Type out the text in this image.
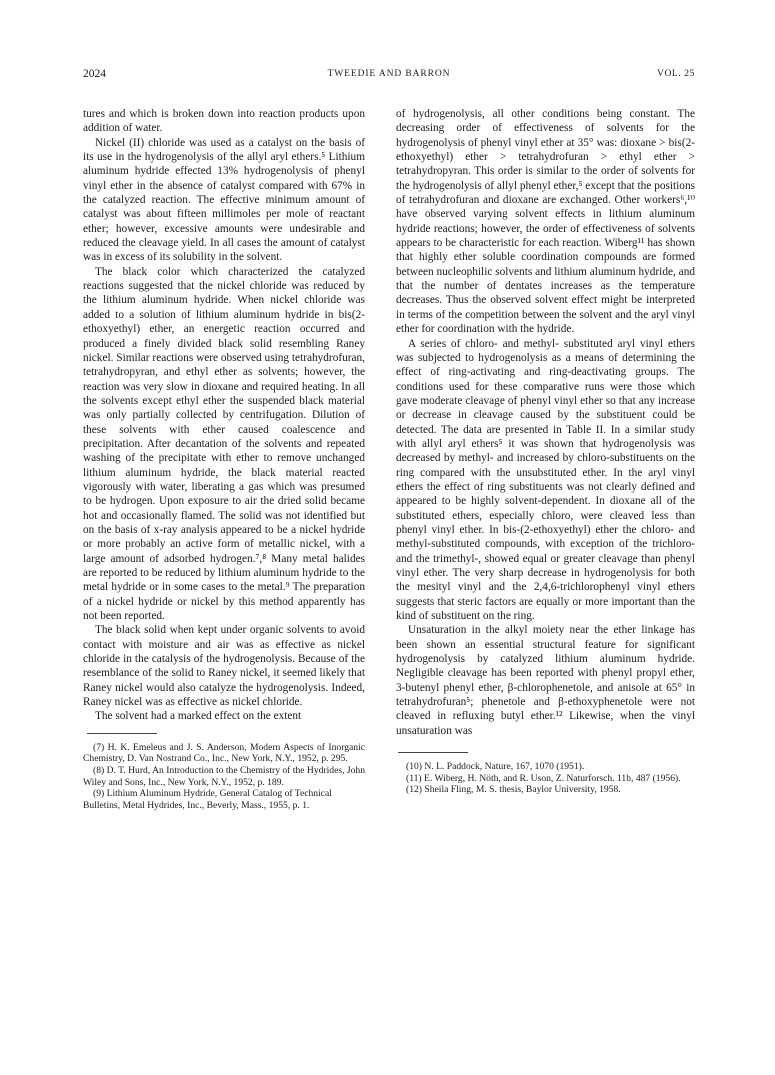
2024	TWEEDIE AND BARRON	VOL. 25

tures and which is broken down into reaction products upon addition of water.

Nickel (II) chloride was used as a catalyst on the basis of its use in the hydrogenolysis of the allyl aryl ethers.⁵ Lithium aluminum hydride effected 13% hydrogenolysis of phenyl vinyl ether in the absence of catalyst compared with 67% in the catalyzed reaction. The effective minimum amount of catalyst was about fifteen millimoles per mole of reactant ether; however, excessive amounts were undesirable and reduced the cleavage yield. In all cases the amount of catalyst was in excess of its solubility in the solvent.

The black color which characterized the catalyzed reactions suggested that the nickel chloride was reduced by the lithium aluminum hydride. When nickel chloride was added to a solution of lithium aluminum hydride in bis(2-ethoxyethyl) ether, an energetic reaction occurred and produced a finely divided black solid resembling Raney nickel. Similar reactions were observed using tetrahydrofuran, tetrahydropyran, and ethyl ether as solvents; however, the reaction was very slow in dioxane and required heating. In all the solvents except ethyl ether the suspended black material was only partially collected by centrifugation. Dilution of these solvents with ether caused coalescence and precipitation. After decantation of the solvents and repeated washing of the precipitate with ether to remove unchanged lithium aluminum hydride, the black material reacted vigorously with water, liberating a gas which was presumed to be hydrogen. Upon exposure to air the dried solid became hot and occasionally flamed. The solid was not identified but on the basis of x-ray analysis appeared to be a nickel hydride or more probably an active form of metallic nickel, with a large amount of adsorbed hydrogen.⁷,⁸ Many metal halides are reported to be reduced by lithium aluminum hydride to the metal hydride or in some cases to the metal.⁹ The preparation of a nickel hydride or nickel by this method apparently has not been reported.

The black solid when kept under organic solvents to avoid contact with moisture and air was as effective as nickel chloride in the catalysis of the hydrogenolysis. Because of the resemblance of the solid to Raney nickel, it seemed likely that Raney nickel would also catalyze the hydrogenolysis. Indeed, Raney nickel was as effective as nickel chloride.

The solvent had a marked effect on the extent

(7) H. K. Emeleus and J. S. Anderson, Modern Aspects of Inorganic Chemistry, D. Van Nostrand Co., Inc., New York, N.Y., 1952, p. 295.

(8) D. T. Hurd, An Introduction to the Chemistry of the Hydrides, John Wiley and Sons, Inc., New York, N.Y., 1952, p. 189.

(9) Lithium Aluminum Hydride, General Catalog of Technical Bulletins, Metal Hydrides, Inc., Beverly, Mass., 1955, p. 1.

of hydrogenolysis, all other conditions being constant. The decreasing order of effectiveness of solvents for the hydrogenolysis of phenyl vinyl ether at 35° was: dioxane > bis(2-ethoxyethyl) ether > tetrahydrofuran > ethyl ether > tetrahydropyran. This order is similar to the order of solvents for the hydrogenolysis of allyl phenyl ether,⁵ except that the positions of tetrahydrofuran and dioxane are exchanged. Other workers⁶,¹⁰ have observed varying solvent effects in lithium aluminum hydride reactions; however, the order of effectiveness of solvents appears to be characteristic for each reaction. Wiberg¹¹ has shown that highly ether soluble coordination compounds are formed between nucleophilic solvents and lithium aluminum hydride, and that the number of dentates increases as the temperature decreases. Thus the observed solvent effect might be interpreted in terms of the competition between the solvent and the aryl vinyl ether for coordination with the hydride.

A series of chloro- and methyl- substituted aryl vinyl ethers was subjected to hydrogenolysis as a means of determining the effect of ring-activating and ring-deactivating groups. The conditions used for these comparative runs were those which gave moderate cleavage of phenyl vinyl ether so that any increase or decrease in cleavage caused by the substituent could be detected. The data are presented in Table II. In a similar study with allyl aryl ethers⁵ it was shown that hydrogenolysis was decreased by methyl- and increased by chloro-substituents on the ring compared with the unsubstituted ether. In the aryl vinyl ethers the effect of ring substituents was not clearly defined and appeared to be highly solvent-dependent. In dioxane all of the substituted ethers, especially chloro, were cleaved less than phenyl vinyl ether. In bis-(2-ethoxyethyl) ether the chloro- and methyl-substituted compounds, with exception of the trichloro- and the trimethyl-, showed equal or greater cleavage than phenyl vinyl ether. The very sharp decrease in hydrogenolysis for both the mesityl vinyl and the 2,4,6-trichlorophenyl vinyl ethers suggests that steric factors are equally or more important than the kind of substituent on the ring.

Unsaturation in the alkyl moiety near the ether linkage has been shown an essential structural feature for significant hydrogenolysis by catalyzed lithium aluminum hydride. Negligible cleavage has been reported with phenyl propyl ether, 3-butenyl phenyl ether, β-chlorophenetole, and anisole at 65° in tetrahydrofuran⁵; phenetole and β-ethoxyphenetole were not cleaved in refluxing butyl ether.¹² Likewise, when the vinyl unsaturation was

(10) N. L. Paddock, Nature, 167, 1070 (1951).

(11) E. Wiberg, H. Nöth, and R. Uson, Z. Naturforsch. 11b, 487 (1956).

(12) Sheila Fling, M. S. thesis, Baylor University, 1958.
